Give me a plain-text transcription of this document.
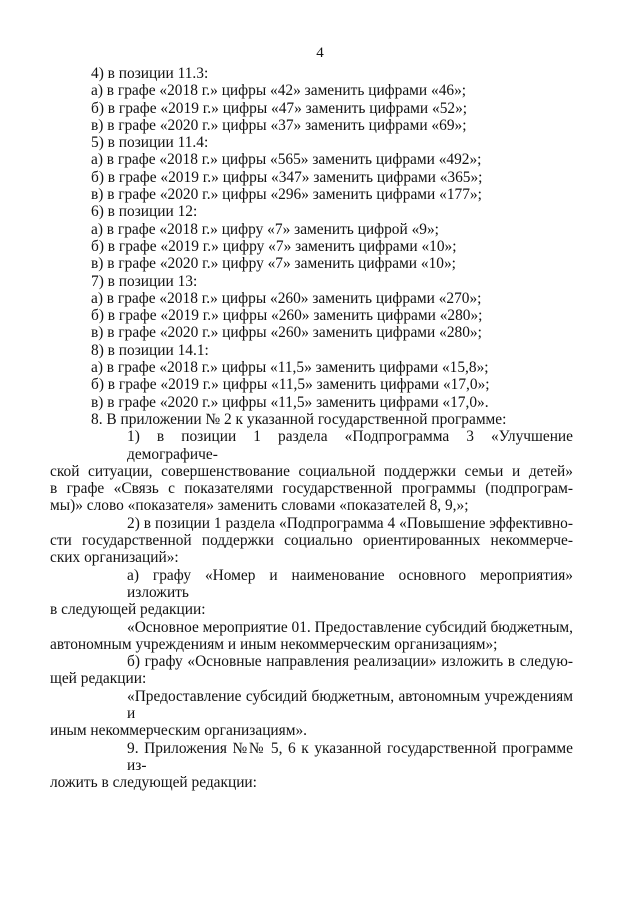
4
4) в позиции 11.3:
а) в графе «2018 г.» цифры «42» заменить цифрами «46»;
б) в графе «2019 г.» цифры «47» заменить цифрами «52»;
в) в графе «2020 г.» цифры «37» заменить цифрами «69»;
5) в позиции 11.4:
а) в графе «2018 г.» цифры «565» заменить цифрами «492»;
б) в графе «2019 г.» цифры «347» заменить цифрами «365»;
в) в графе «2020 г.» цифры «296» заменить цифрами «177»;
6) в позиции 12:
а) в графе «2018 г.» цифру «7» заменить цифрой «9»;
б) в графе «2019 г.» цифру «7» заменить цифрами «10»;
в) в графе «2020 г.» цифру «7» заменить цифрами «10»;
7) в позиции 13:
а) в графе «2018 г.» цифры «260» заменить цифрами «270»;
б) в графе «2019 г.» цифры «260» заменить цифрами «280»;
в) в графе «2020 г.» цифры «260» заменить цифрами «280»;
8) в позиции 14.1:
а) в графе «2018 г.» цифры «11,5» заменить цифрами «15,8»;
б) в графе «2019 г.» цифры «11,5» заменить цифрами «17,0»;
в) в графе «2020 г.» цифры «11,5» заменить цифрами «17,0».
8. В приложении № 2 к указанной государственной программе:
1) в позиции 1 раздела «Подпрограмма 3 «Улучшение демографиче-
ской ситуации, совершенствование социальной поддержки семьи и детей»
в графе «Связь с показателями государственной программы (подпрограм-
мы)» слово «показателя» заменить словами «показателей 8, 9,»;
2) в позиции 1 раздела «Подпрограмма 4 «Повышение эффективно-
сти государственной поддержки социально ориентированных некоммерче-
ских организаций»:
а) графу «Номер и наименование основного мероприятия» изложить
в следующей редакции:
«Основное мероприятие 01. Предоставление субсидий бюджетным,
автономным учреждениям и иным некоммерческим организациям»;
б) графу «Основные направления реализации» изложить в следую-
щей редакции:
«Предоставление субсидий бюджетным, автономным учреждениям и
иным некоммерческим организациям».
9. Приложения №№ 5, 6 к указанной государственной программе из-
ложить в следующей редакции:
